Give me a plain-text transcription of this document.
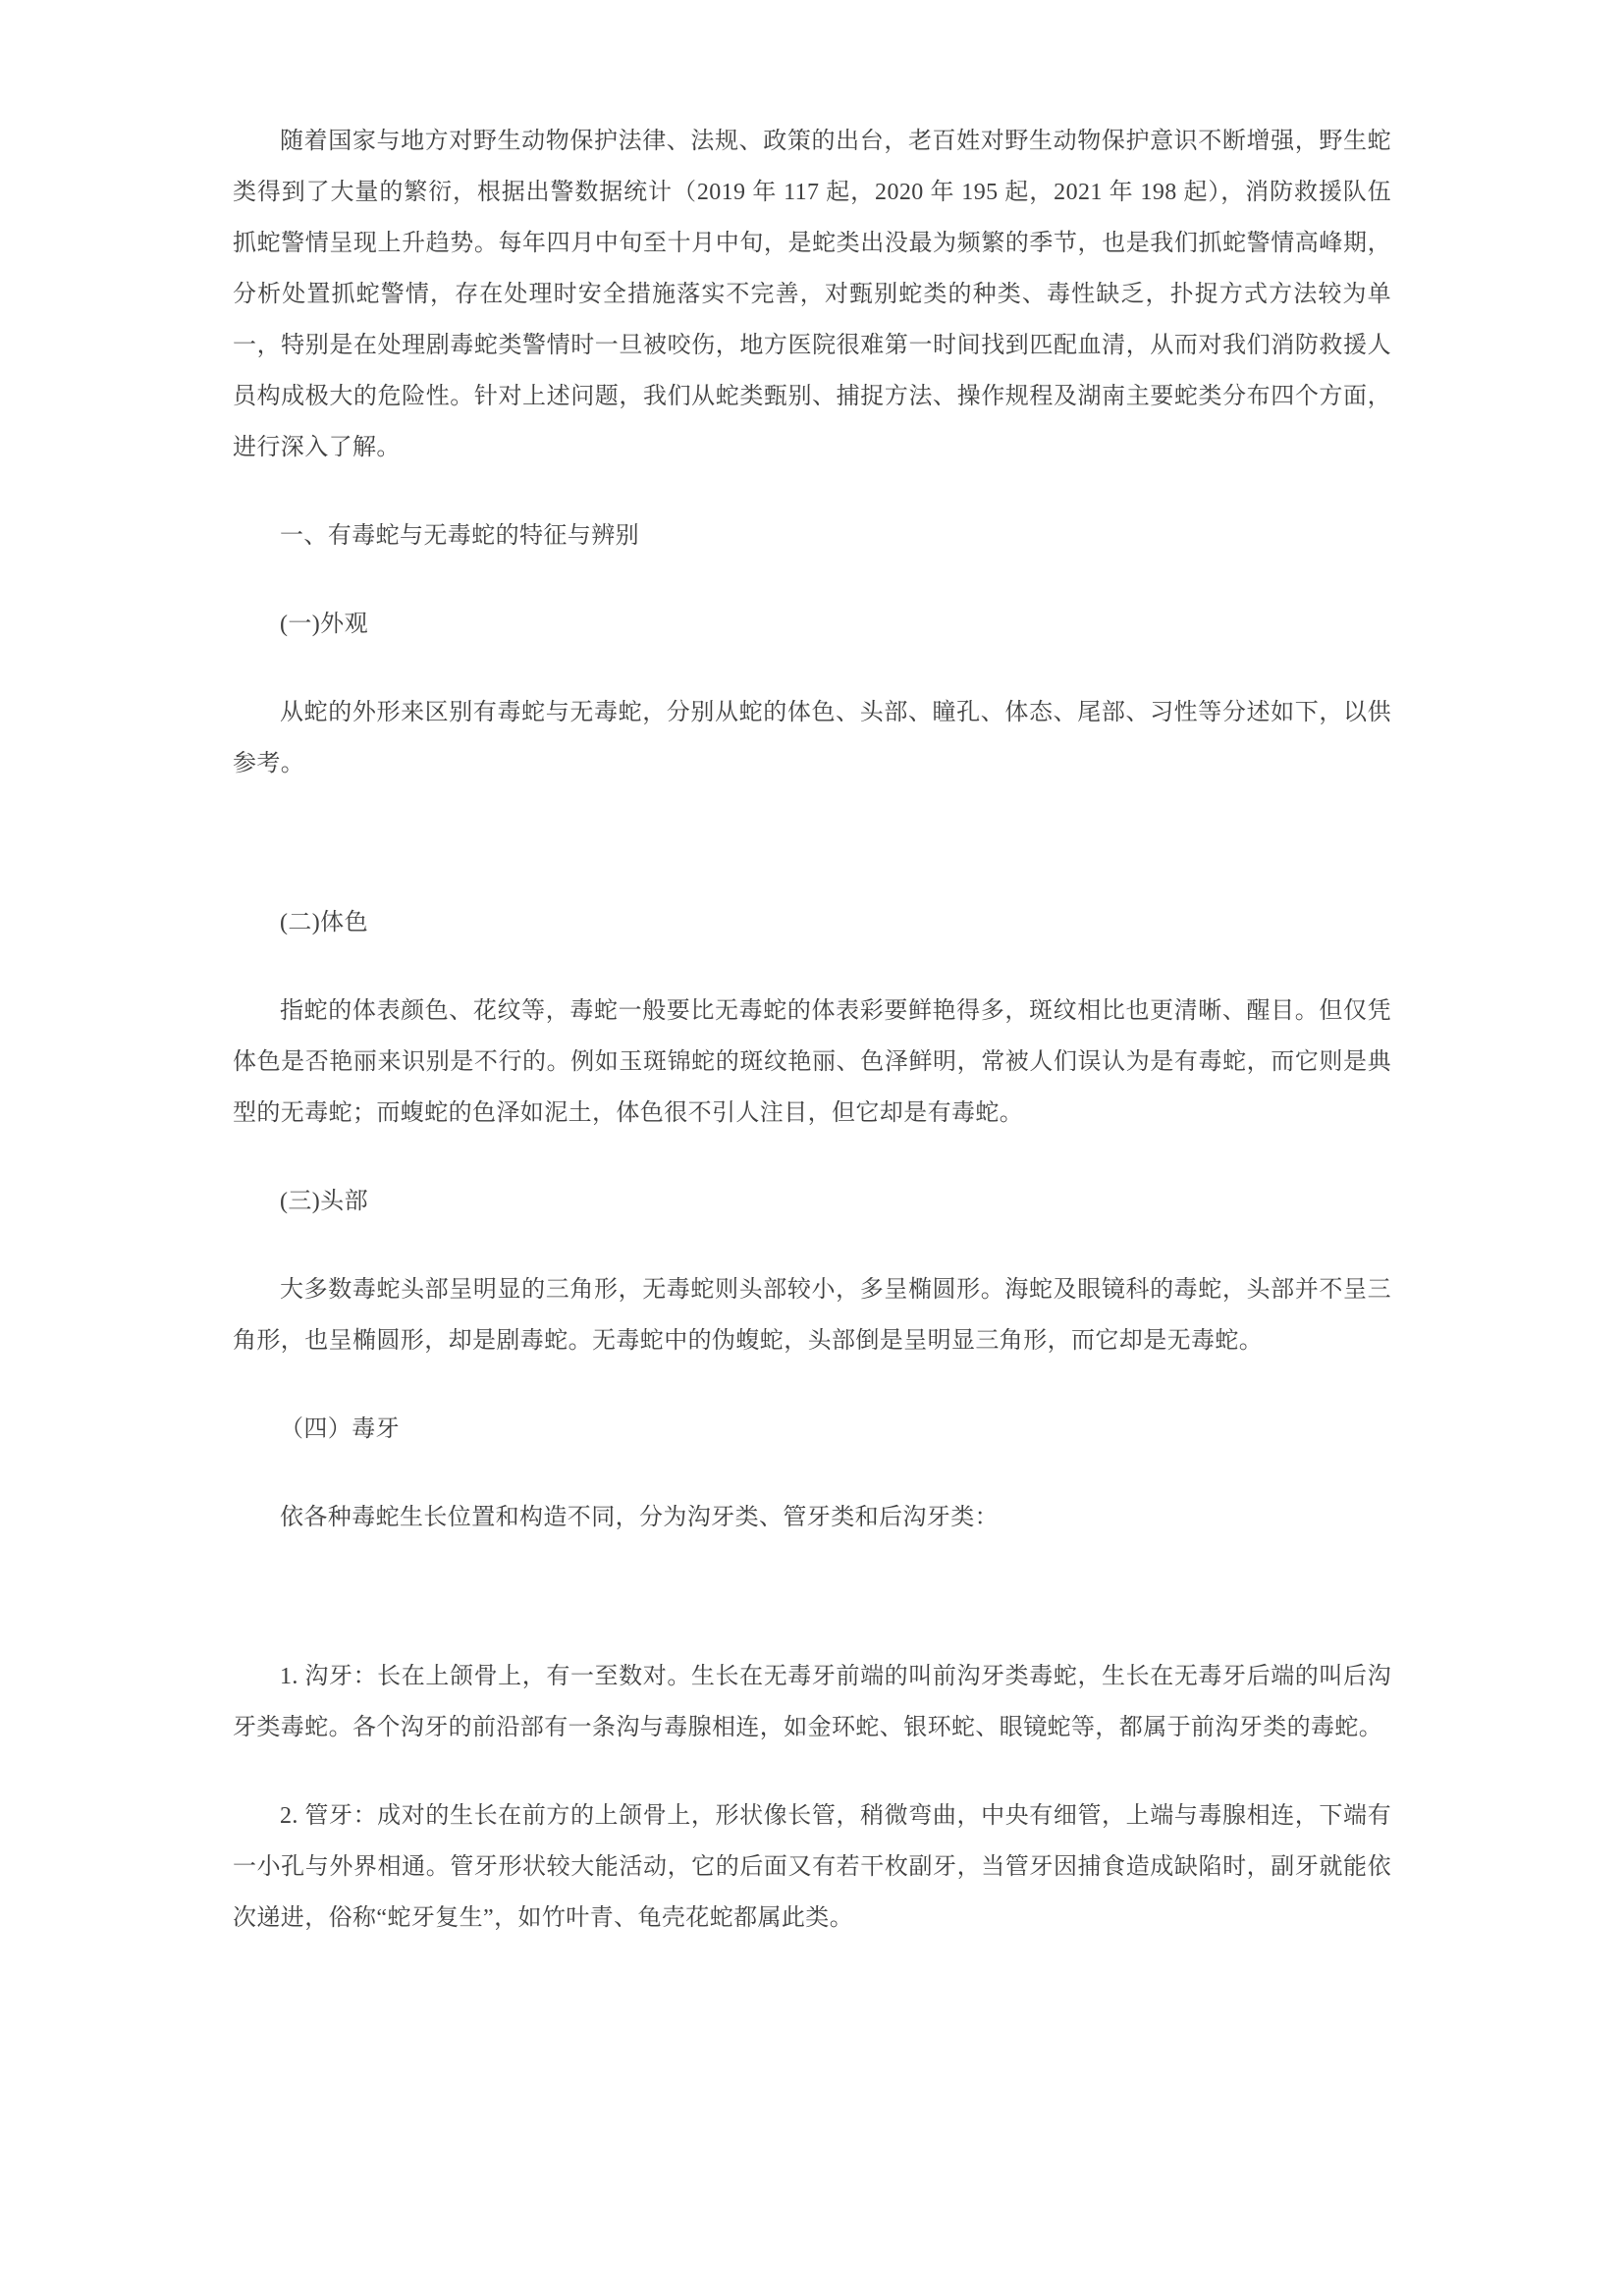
随着国家与地方对野生动物保护法律、法规、政策的出台，老百姓对野生动物保护意识不断增强，野生蛇类得到了大量的繁衍，根据出警数据统计（2019 年 117 起，2020 年 195 起，2021 年 198 起），消防救援队伍抓蛇警情呈现上升趋势。每年四月中旬至十月中旬，是蛇类出没最为频繁的季节，也是我们抓蛇警情高峰期，分析处置抓蛇警情，存在处理时安全措施落实不完善，对甄别蛇类的种类、毒性缺乏，扑捉方式方法较为单一，特别是在处理剧毒蛇类警情时一旦被咬伤，地方医院很难第一时间找到匹配血清，从而对我们消防救援人员构成极大的危险性。针对上述问题，我们从蛇类甄别、捕捉方法、操作规程及湖南主要蛇类分布四个方面，进行深入了解。

一、有毒蛇与无毒蛇的特征与辨别

(一)外观

从蛇的外形来区别有毒蛇与无毒蛇，分别从蛇的体色、头部、瞳孔、体态、尾部、习性等分述如下，以供参考。

(二)体色

指蛇的体表颜色、花纹等，毒蛇一般要比无毒蛇的体表彩要鲜艳得多，斑纹相比也更清晰、醒目。但仅凭体色是否艳丽来识别是不行的。例如玉斑锦蛇的斑纹艳丽、色泽鲜明，常被人们误认为是有毒蛇，而它则是典型的无毒蛇；而蝮蛇的色泽如泥土，体色很不引人注目，但它却是有毒蛇。

(三)头部

大多数毒蛇头部呈明显的三角形，无毒蛇则头部较小，多呈椭圆形。海蛇及眼镜科的毒蛇，头部并不呈三角形，也呈椭圆形，却是剧毒蛇。无毒蛇中的伪蝮蛇，头部倒是呈明显三角形，而它却是无毒蛇。

（四）毒牙

依各种毒蛇生长位置和构造不同，分为沟牙类、管牙类和后沟牙类：

1. 沟牙：长在上颌骨上，有一至数对。生长在无毒牙前端的叫前沟牙类毒蛇，生长在无毒牙后端的叫后沟牙类毒蛇。各个沟牙的前沿部有一条沟与毒腺相连，如金环蛇、银环蛇、眼镜蛇等，都属于前沟牙类的毒蛇。

2. 管牙：成对的生长在前方的上颌骨上，形状像长管，稍微弯曲，中央有细管，上端与毒腺相连，下端有一小孔与外界相通。管牙形状较大能活动，它的后面又有若干枚副牙，当管牙因捕食造成缺陷时，副牙就能依次递进，俗称“蛇牙复生”，如竹叶青、龟壳花蛇都属此类。
